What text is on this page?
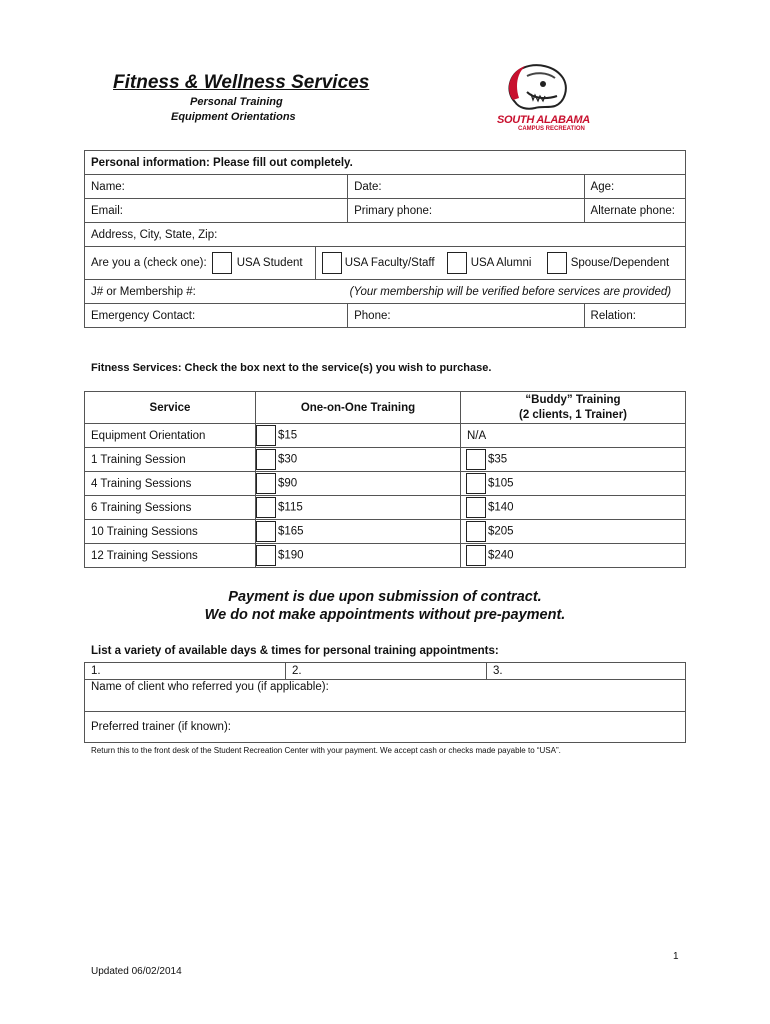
Fitness & Wellness Services
Personal Training
Equipment Orientations	SOUTH ALABAMA
CAMPUS RECREATION
Personal information: Please fill out completely.		
Name:	Date:	Age:
Email:	Primary phone:	Alternate phone:
Address, City, State, Zip:		

Are you a (check one): USA Student USA Faculty/Staff USA Alumni Spouse/Dependent		

J# or Membership #:	(Your membership will be verified before services are provided)	
Emergency Contact:	Phone:	Relation:
Fitness Services: Check the box next to the service(s) you wish to purchase.
Service	One-on-One Training	“Buddy” Training
(2 clients, 1 Trainer)

Equipment Orientation	$15	N/A
1 Training Session	$30	$35
4 Training Sessions	$90	$105
6 Training Sessions	$115	$140
10 Training Sessions	$165	$205
12 Training Sessions	$190	$240
Payment is due upon submission of contract.
We do not make appointments without pre-payment.
List a variety of available days & times for personal training appointments:
1.	2.	3.
Name of client who referred you (if applicable):
Preferred trainer (if known):
Return this to the front desk of the Student Recreation Center with your payment. We accept cash or checks made payable to “USA”.
1
Updated 06/02/2014
